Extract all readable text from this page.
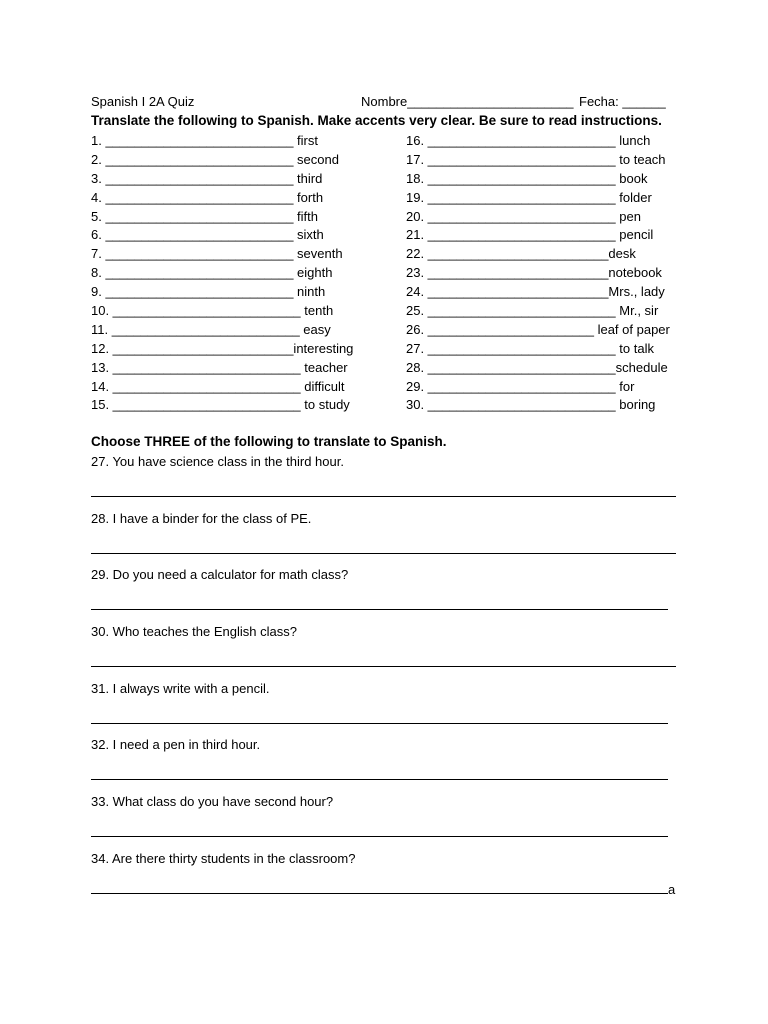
Spanish I 2A Quiz	Nombre_______________________ Fecha: ______
Translate the following to Spanish. Make accents very clear. Be sure to read instructions.
1. __________________________ first
2. __________________________ second
3. __________________________ third
4. __________________________ forth
5. __________________________ fifth
6. __________________________ sixth
7. __________________________ seventh
8. __________________________ eighth
9. __________________________ ninth
10. __________________________ tenth
11. __________________________ easy
12. _________________________interesting
13. __________________________ teacher
14. __________________________ difficult
15. __________________________ to study
16. __________________________ lunch
17. __________________________ to teach
18. __________________________ book
19. __________________________ folder
20. __________________________ pen
21. __________________________ pencil
22. _________________________desk
23. _________________________notebook
24. _________________________Mrs., lady
25. __________________________ Mr., sir
26. _______________________ leaf of paper
27. __________________________ to talk
28. __________________________schedule
29. __________________________ for
30. __________________________ boring
Choose THREE of the following to translate to Spanish.
27. You have science class in the third hour.
28. I have a binder for the class of PE.
29. Do you need a calculator for math class?
30. Who teaches the English class?
31. I always write with a pencil.
32. I need a pen in third hour.
33. What class do you have second hour?
34. Are there thirty students in the classroom?
a
